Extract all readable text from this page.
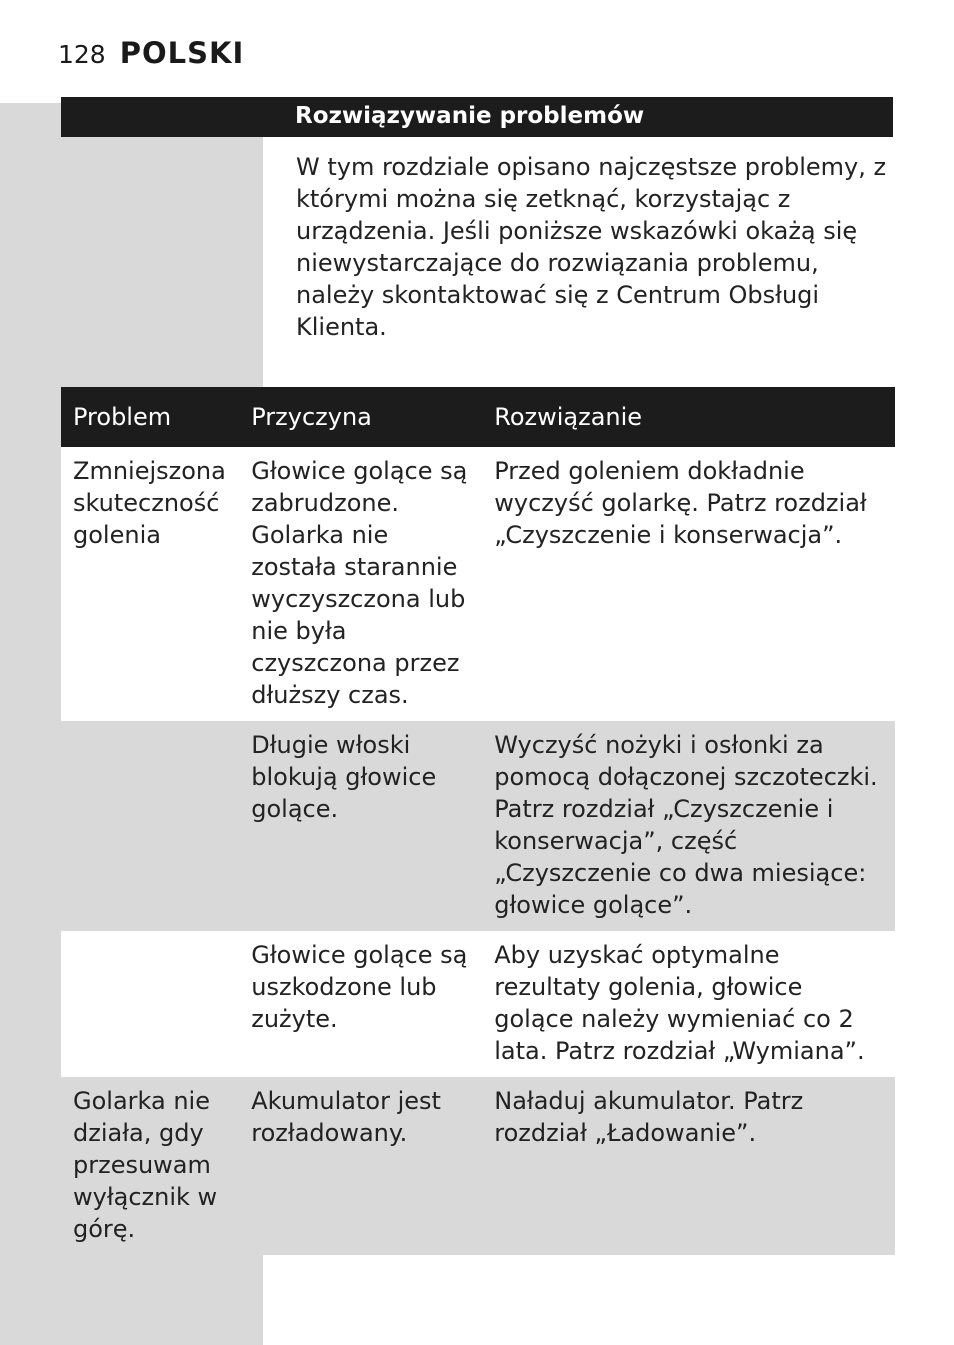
128 POLSKI
Rozwiązywanie problemów
W tym rozdziale opisano najczęstsze problemy, z którymi można się zetknąć, korzystając z urządzenia. Jeśli poniższe wskazówki okażą się niewystarczające do rozwiązania problemu, należy skontaktować się z Centrum Obsługi Klienta.
Problem	Przyczyna	Rozwiązanie
Zmniejszona skuteczność golenia	Głowice golące są zabrudzone. Golarka nie została starannie wyczyszczona lub nie była czyszczona przez dłuższy czas.	Przed goleniem dokładnie wyczyść golarkę. Patrz rozdział „Czyszczenie i konserwacja”.
	Długie włoski blokują głowice golące.	Wyczyść nożyki i osłonki za pomocą dołączonej szczoteczki. Patrz rozdział „Czyszczenie i konserwacja”, część „Czyszczenie co dwa miesiące: głowice golące”.
	Głowice golące są uszkodzone lub zużyte.	Aby uzyskać optymalne rezultaty golenia, głowice golące należy wymieniać co 2 lata. Patrz rozdział „Wymiana”.
Golarka nie działa, gdy przesuwam wyłącznik w górę.	Akumulator jest rozładowany.	Naładuj akumulator. Patrz rozdział „Ładowanie”.
